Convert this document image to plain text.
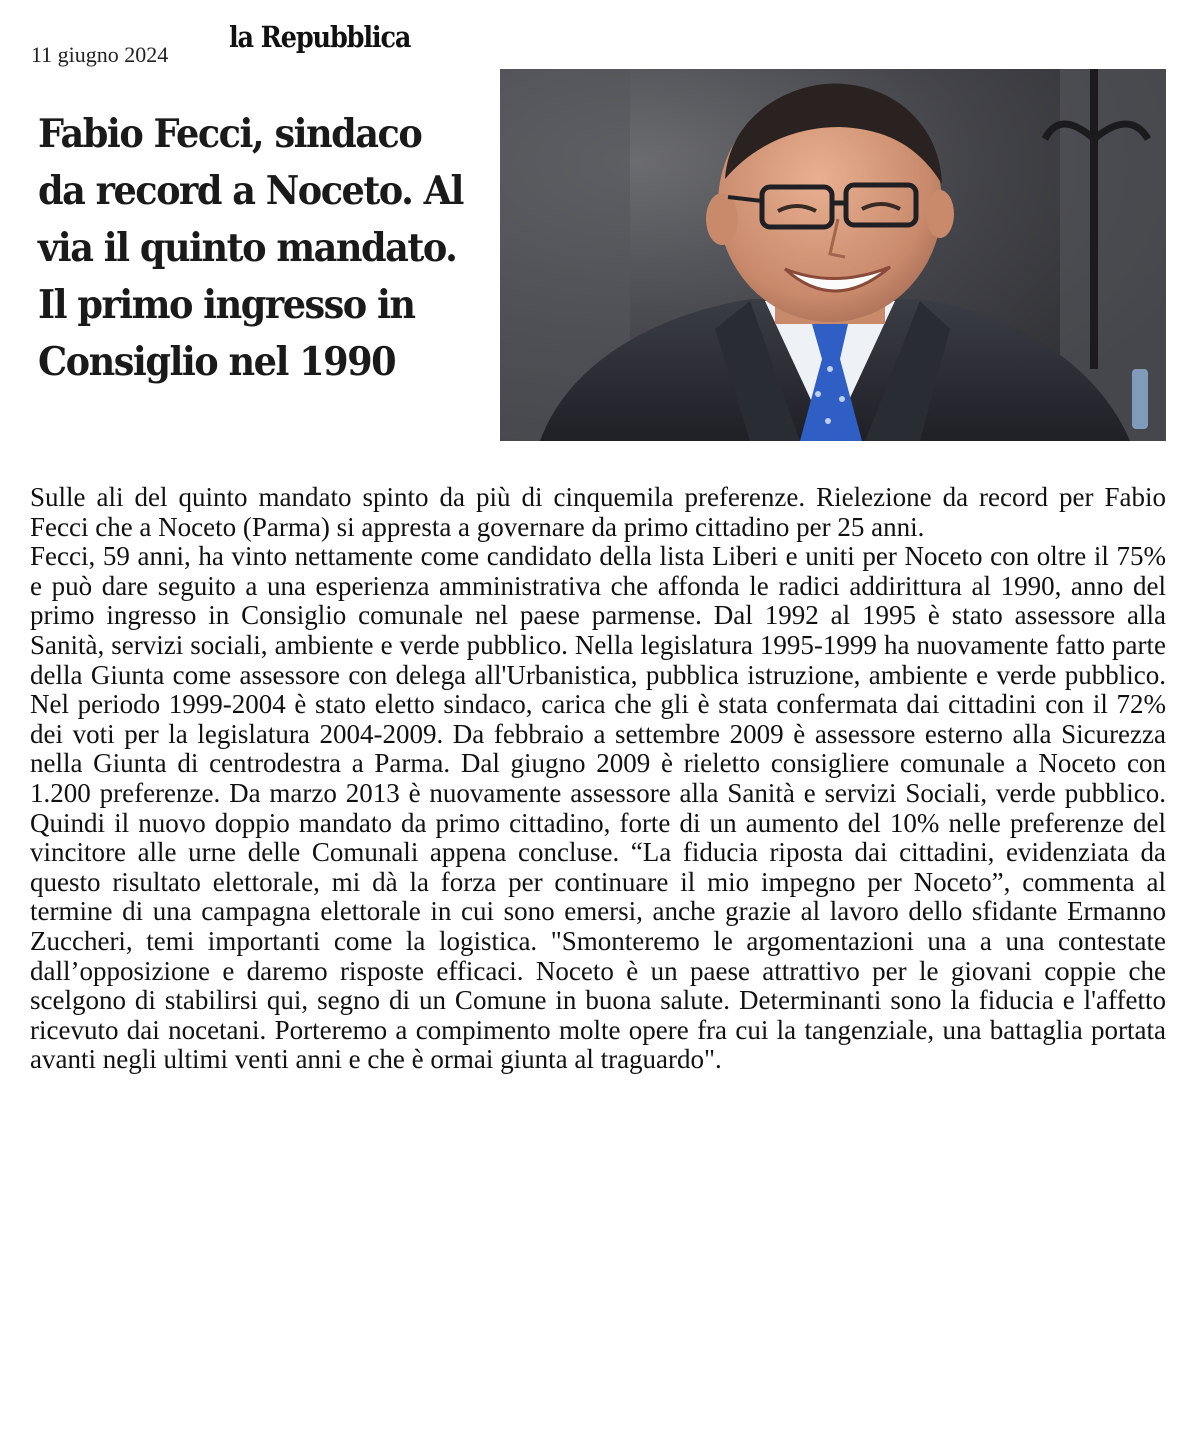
11 giugno 2024
la Repubblica
Fabio Fecci, sindaco da record a Noceto. Al via il quinto mandato. Il primo ingresso in Consiglio nel 1990

Sulle ali del quinto mandato spinto da più di cinquemila preferenze. Rielezione da record per Fabio Fecci che a Noceto (Parma) si appresta a governare da primo cittadino per 25 anni.

Fecci, 59 anni, ha vinto nettamente come candidato della lista Liberi e uniti per Noceto con oltre il 75% e può dare seguito a una esperienza amministrativa che affonda le radici addirittura al 1990, anno del primo ingresso in Consiglio comunale nel paese parmense. Dal 1992 al 1995 è stato assessore alla Sanità, servizi sociali, ambiente e verde pubblico. Nella legislatura 1995-1999 ha nuovamente fatto parte della Giunta come assessore con delega all'Urbanistica, pubblica istruzione, ambiente e verde pubblico. Nel periodo 1999-2004 è stato eletto sindaco, carica che gli è stata confermata dai cittadini con il 72% dei voti per la legislatura 2004-2009. Da febbraio a settembre 2009 è assessore esterno alla Sicurezza nella Giunta di centrodestra a Parma. Dal giugno 2009 è rieletto consigliere comunale a Noceto con 1.200 preferenze. Da marzo 2013 è nuovamente assessore alla Sanità e servizi Sociali, verde pubblico. Quindi il nuovo doppio mandato da primo cittadino, forte di un aumento del 10% nelle preferenze del vincitore alle urne delle Comunali appena concluse. “La fiducia riposta dai cittadini, evidenziata da questo risultato elettorale, mi dà la forza per continuare il mio impegno per Noceto”, commenta al termine di una campagna elettorale in cui sono emersi, anche grazie al lavoro dello sfidante Ermanno Zuccheri, temi importanti come la logistica. "Smonteremo le argomentazioni una a una contestate dall’opposizione e daremo risposte efficaci. Noceto è un paese attrattivo per le giovani coppie che scelgono di stabilirsi qui, segno di un Comune in buona salute. Determinanti sono la fiducia e l'affetto ricevuto dai nocetani. Porteremo a compimento molte opere fra cui la tangenziale, una battaglia portata avanti negli ultimi venti anni e che è ormai giunta al traguardo".
